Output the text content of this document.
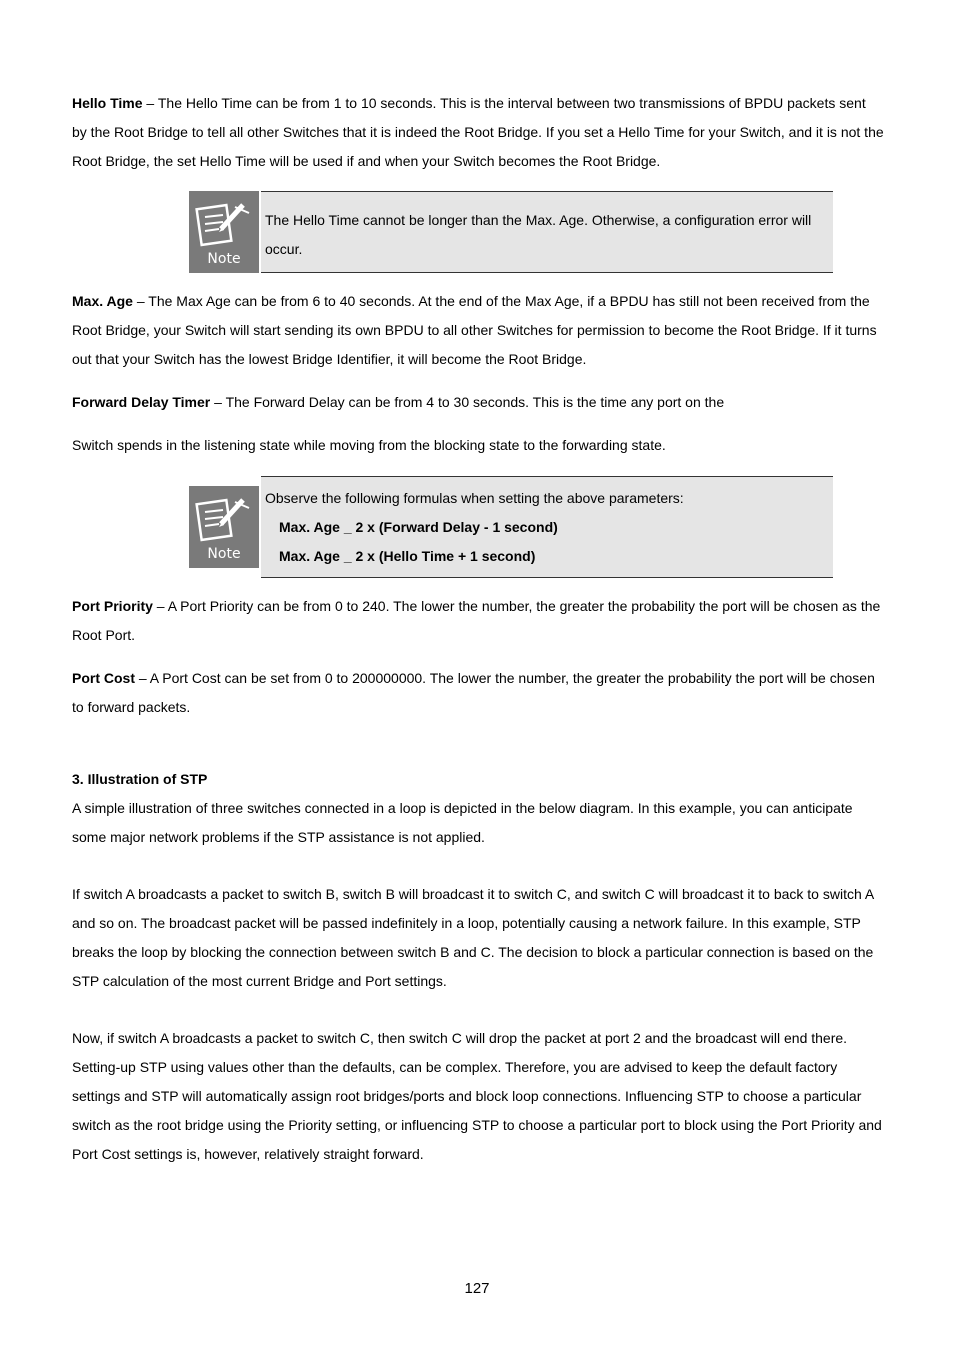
Hello Time – The Hello Time can be from 1 to 10 seconds. This is the interval between two transmissions of BPDU packets sent by the Root Bridge to tell all other Switches that it is indeed the Root Bridge. If you set a Hello Time for your Switch, and it is not the Root Bridge, the set Hello Time will be used if and when your Switch becomes the Root Bridge.

Note
The Hello Time cannot be longer than the Max. Age. Otherwise, a configuration error will occur.

Max. Age – The Max Age can be from 6 to 40 seconds. At the end of the Max Age, if a BPDU has still not been received from the Root Bridge, your Switch will start sending its own BPDU to all other Switches for permission to become the Root Bridge. If it turns out that your Switch has the lowest Bridge Identifier, it will become the Root Bridge.

Forward Delay Timer – The Forward Delay can be from 4 to 30 seconds. This is the time any port on the

Switch spends in the listening state while moving from the blocking state to the forwarding state.

Note
Observe the following formulas when setting the above parameters:
Max. Age _ 2 x (Forward Delay - 1 second)
Max. Age _ 2 x (Hello Time + 1 second)

Port Priority – A Port Priority can be from 0 to 240. The lower the number, the greater the probability the port will be chosen as the Root Port.

Port Cost – A Port Cost can be set from 0 to 200000000. The lower the number, the greater the probability the port will be chosen to forward packets.

3. Illustration of STP

A simple illustration of three switches connected in a loop is depicted in the below diagram. In this example, you can anticipate some major network problems if the STP assistance is not applied.

If switch A broadcasts a packet to switch B, switch B will broadcast it to switch C, and switch C will broadcast it to back to switch A and so on. The broadcast packet will be passed indefinitely in a loop, potentially causing a network failure. In this example, STP breaks the loop by blocking the connection between switch B and C. The decision to block a particular connection is based on the STP calculation of the most current Bridge and Port settings.

Now, if switch A broadcasts a packet to switch C, then switch C will drop the packet at port 2 and the broadcast will end there. Setting-up STP using values other than the defaults, can be complex. Therefore, you are advised to keep the default factory settings and STP will automatically assign root bridges/ports and block loop connections. Influencing STP to choose a particular switch as the root bridge using the Priority setting, or influencing STP to choose a particular port to block using the Port Priority and Port Cost settings is, however, relatively straight forward.

127
